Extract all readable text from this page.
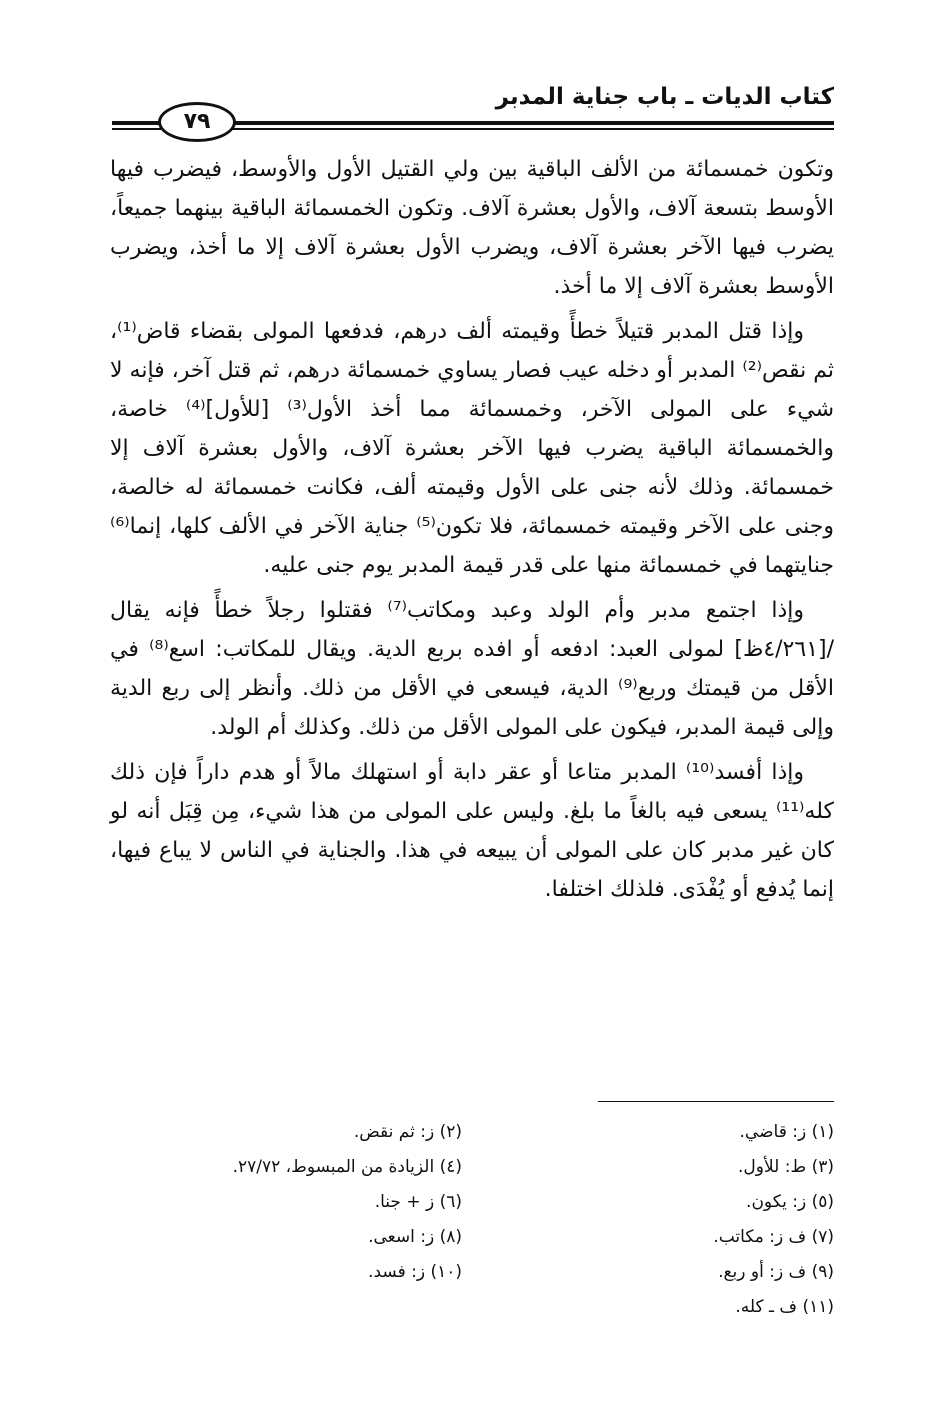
كتاب الديات ـ باب جناية المدبر
٧٩

وتكون خمسمائة من الألف الباقية بين ولي القتيل الأول والأوسط، فيضرب فيها الأوسط بتسعة آلاف، والأول بعشرة آلاف. وتكون الخمسمائة الباقية بينهما جميعاً، يضرب فيها الآخر بعشرة آلاف، ويضرب الأول بعشرة آلاف إلا ما أخذ، ويضرب الأوسط بعشرة آلاف إلا ما أخذ.

وإذا قتل المدبر قتيلاً خطأً وقيمته ألف درهم، فدفعها المولى بقضاء قاض⁽¹⁾، ثم نقص⁽²⁾ المدبر أو دخله عيب فصار يساوي خمسمائة درهم، ثم قتل آخر، فإنه لا شيء على المولى الآخر، وخمسمائة مما أخذ الأول⁽³⁾ [للأول]⁽⁴⁾ خاصة، والخمسمائة الباقية يضرب فيها الآخر بعشرة آلاف، والأول بعشرة آلاف إلا خمسمائة. وذلك لأنه جنى على الأول وقيمته ألف، فكانت خمسمائة له خالصة، وجنى على الآخر وقيمته خمسمائة، فلا تكون⁽⁵⁾ جناية الآخر في الألف كلها، إنما⁽⁶⁾ جنايتهما في خمسمائة منها على قدر قيمة المدبر يوم جنى عليه.

وإذا اجتمع مدبر وأم الولد وعبد ومكاتب⁽⁷⁾ فقتلوا رجلاً خطأً فإنه يقال /[٤/٢٦١ظ] لمولى العبد: ادفعه أو افده بربع الدية. ويقال للمكاتب: اسع⁽⁸⁾ في الأقل من قيمتك وربع⁽⁹⁾ الدية، فيسعى في الأقل من ذلك. وأنظر إلى ربع الدية وإلى قيمة المدبر، فيكون على المولى الأقل من ذلك. وكذلك أم الولد.

وإذا أفسد⁽¹⁰⁾ المدبر متاعا أو عقر دابة أو استهلك مالاً أو هدم داراً فإن ذلك كله⁽¹¹⁾ يسعى فيه بالغاً ما بلغ. وليس على المولى من هذا شيء، مِن قِبَل أنه لو كان غير مدبر كان على المولى أن يبيعه في هذا. والجناية في الناس لا يباع فيها، إنما يُدفع أو يُفْدَى. فلذلك اختلفا.

(١) ز: قاضي.
(٣) ط: للأول.
(٥) ز: يكون.
(٧) ف ز: مكاتب.
(٩) ف ز: أو ربع.
(١١) ف ـ كله.
(٢) ز: ثم نقض.
(٤) الزيادة من المبسوط، ٢٧/٧٢.
(٦) ز + جنا.
(٨) ز: اسعى.
(١٠) ز: فسد.
